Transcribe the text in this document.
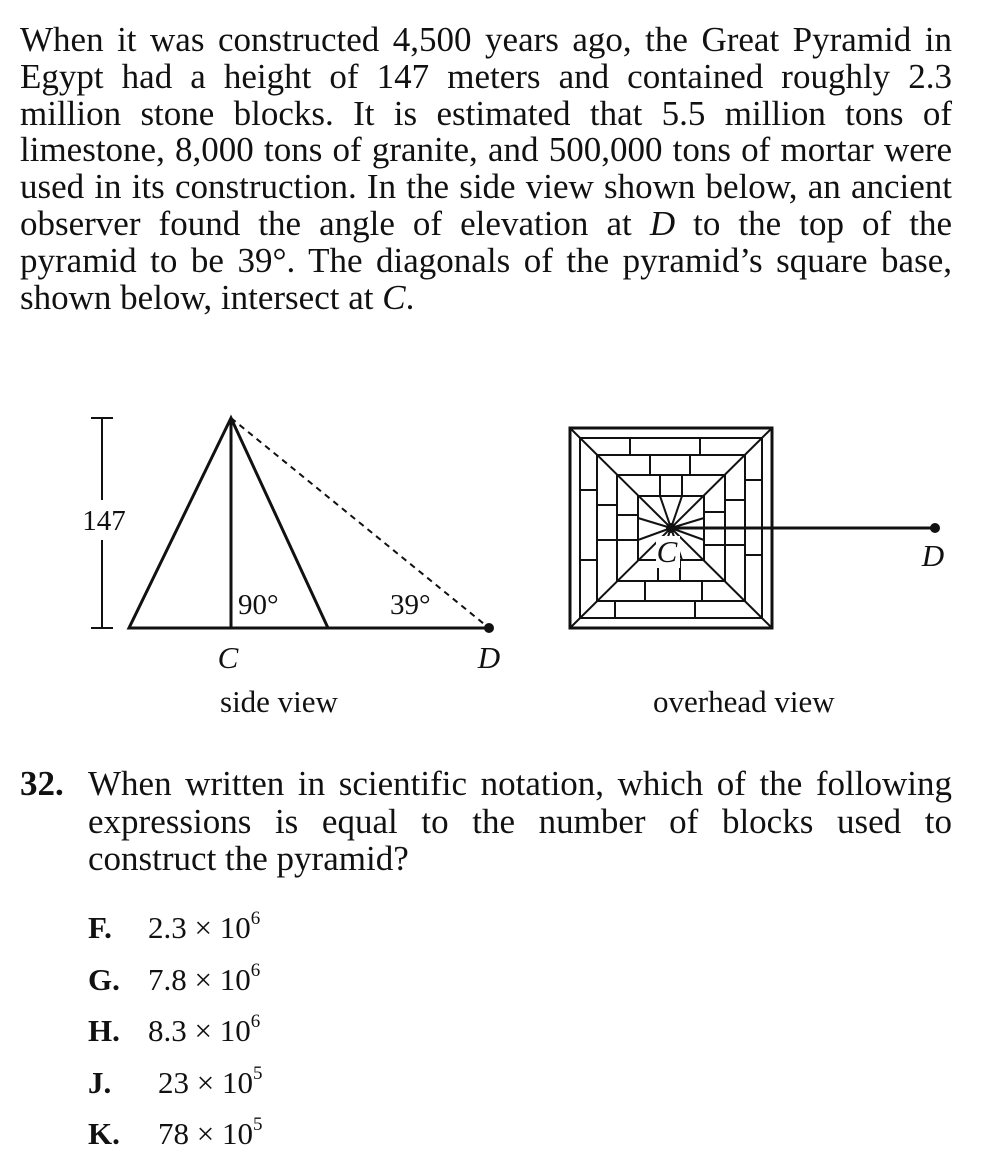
When it was constructed 4,500 years ago, the Great Pyramid in Egypt had a height of 147 meters and contained roughly 2.3 million stone blocks. It is estimated that 5.5 million tons of limestone, 8,000 tons of granite, and 500,000 tons of mortar were used in its construction. In the side view shown below, an ancient observer found the angle of elevation at D to the top of the pyramid to be 39°. The diagonals of the pyramid’s square base, shown below, intersect at C.

147
90°	39°
C	D
side view
C	D
overhead view
32. When written in scientific notation, which of the following expressions is equal to the number of blocks used to construct the pyramid?
F. $2.3 \times 10^6$
G. $7.8 \times 10^6$
H. $8.3 \times 10^6$
J. $23 \times 10^5$
K. $78 \times 10^5$
